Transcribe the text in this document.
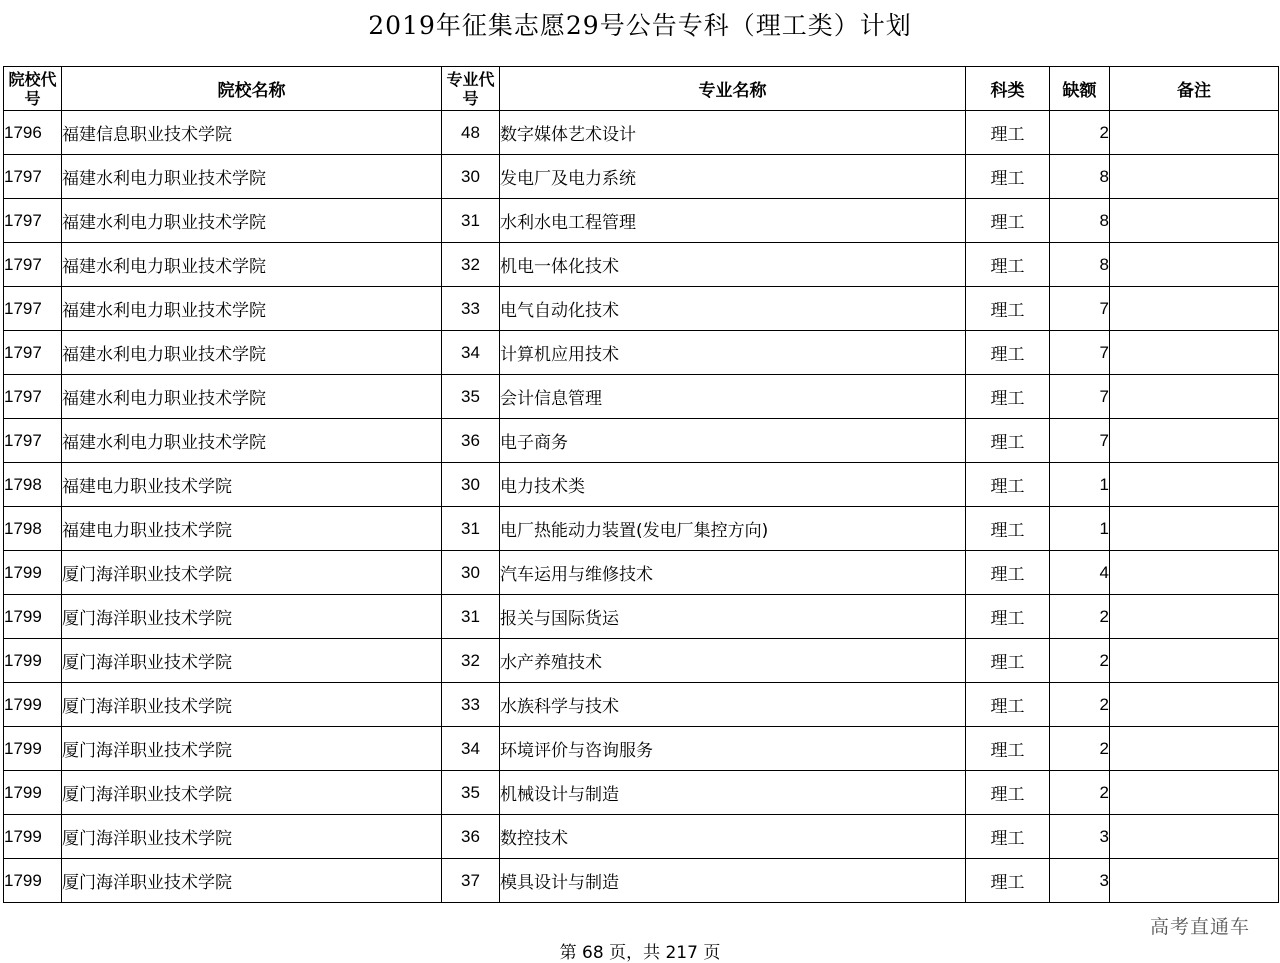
2019年征集志愿29号公告专科（理工类）计划
院校代号	院校名称	专业代号	专业名称	科类	缺额	备注
1796	福建信息职业技术学院	48	数字媒体艺术设计	理工	2	
1797	福建水利电力职业技术学院	30	发电厂及电力系统	理工	8	
1797	福建水利电力职业技术学院	31	水利水电工程管理	理工	8	
1797	福建水利电力职业技术学院	32	机电一体化技术	理工	8	
1797	福建水利电力职业技术学院	33	电气自动化技术	理工	7	
1797	福建水利电力职业技术学院	34	计算机应用技术	理工	7	
1797	福建水利电力职业技术学院	35	会计信息管理	理工	7	
1797	福建水利电力职业技术学院	36	电子商务	理工	7	
1798	福建电力职业技术学院	30	电力技术类	理工	1	
1798	福建电力职业技术学院	31	电厂热能动力装置(发电厂集控方向)	理工	1	
1799	厦门海洋职业技术学院	30	汽车运用与维修技术	理工	4	
1799	厦门海洋职业技术学院	31	报关与国际货运	理工	2	
1799	厦门海洋职业技术学院	32	水产养殖技术	理工	2	
1799	厦门海洋职业技术学院	33	水族科学与技术	理工	2	
1799	厦门海洋职业技术学院	34	环境评价与咨询服务	理工	2	
1799	厦门海洋职业技术学院	35	机械设计与制造	理工	2	
1799	厦门海洋职业技术学院	36	数控技术	理工	3	
1799	厦门海洋职业技术学院	37	模具设计与制造	理工	3	
高考直通车
第 68 页，共 217 页
